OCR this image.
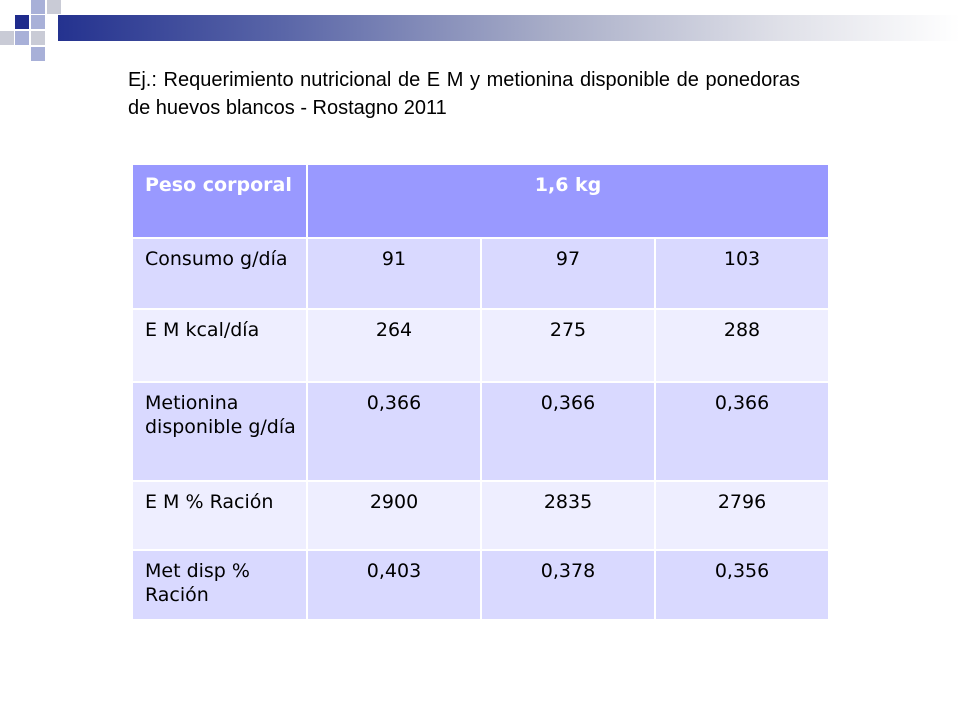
Ej.: Requerimiento nutricional de E M y metionina disponible de ponedoras de huevos blancos - Rostagno 2011
Peso corporal	1,6 kg		
Consumo g/día	91	97	103
E M kcal/día	264	275	288
Metionina disponible g/día	0,366	0,366	0,366
E M % Ración	2900	2835	2796
Met disp % Ración	0,403	0,378	0,356
